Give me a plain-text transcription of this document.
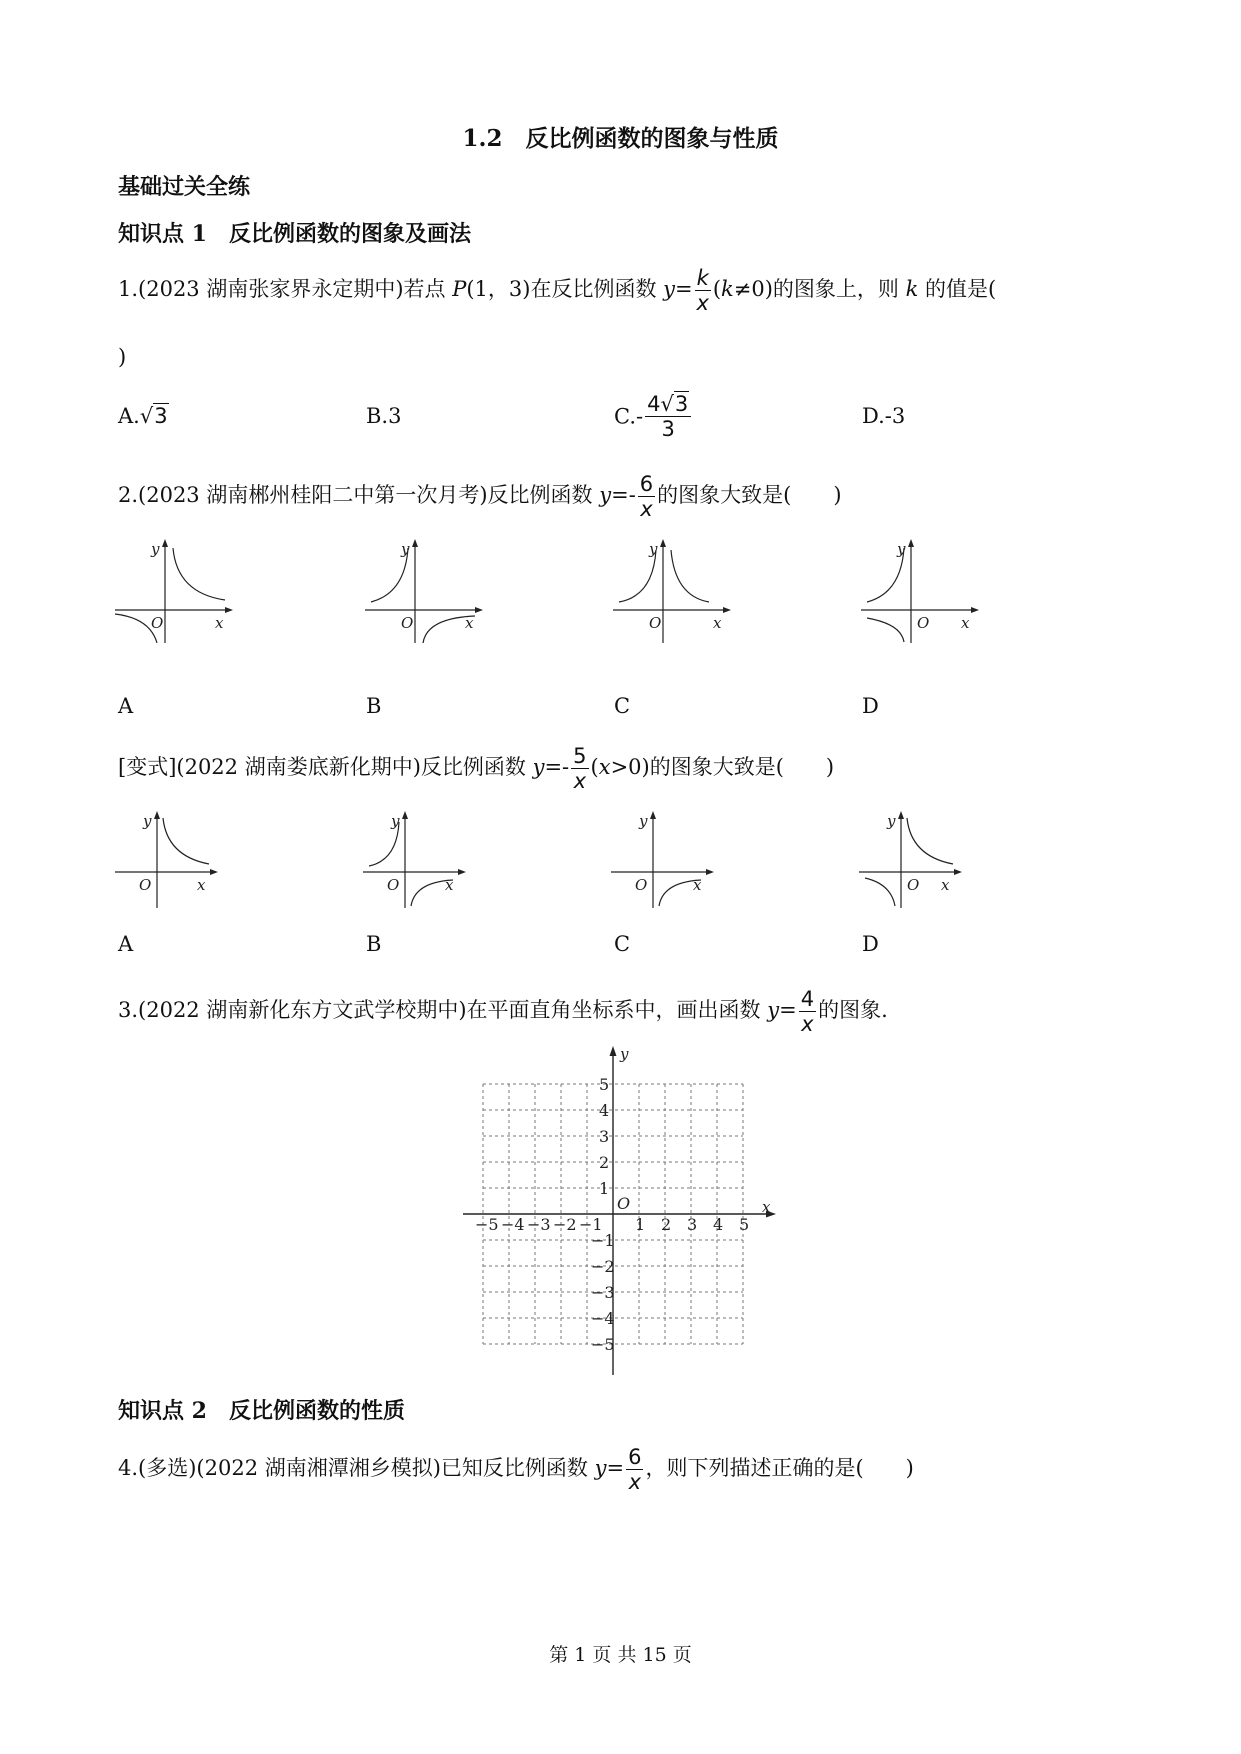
1.2　反比例函数的图象与性质
基础过关全练
知识点 1　反比例函数的图象及画法
1.(2023 湖南张家界永定期中)若点 P(1，3)在反比例函数 $y= \frac{k}{x} (k\ne 0)$的图象上，则 k 的值是(
)
A.√3	B.3	$C.- \frac{4√3}{3}$	D.-3
2.(2023 湖南郴州桂阳二中第一次月考)反比例函数 $y=- \frac{6}{x}$ 的图象大致是(　　)
y
O	x
y
O	x
y
O	x
y
O x
A	B	C	D
[变式](2022 湖南娄底新化期中)反比例函数 $y=- \frac{5}{x} (x>0)$的图象大致是(　　)
y
O	x
y
O	x
y
O	x
y
O x
A	B	C	D
3.(2022 湖南新化东方文武学校期中)在平面直角坐标系中，画出函数 $y= \frac{4}{x}$ 的图象.
−5 −4 −3 −2 −1 1 2 3 4 5
5
4
3
2
1
−1
−2
−3
−4
−5
y
x
O
知识点 2　反比例函数的性质
4.(多选)(2022 湖南湘潭湘乡模拟)已知反比例函数 $y= \frac{6}{x}$ ，则下列描述正确的是(　　)
第 1 页 共 15 页
